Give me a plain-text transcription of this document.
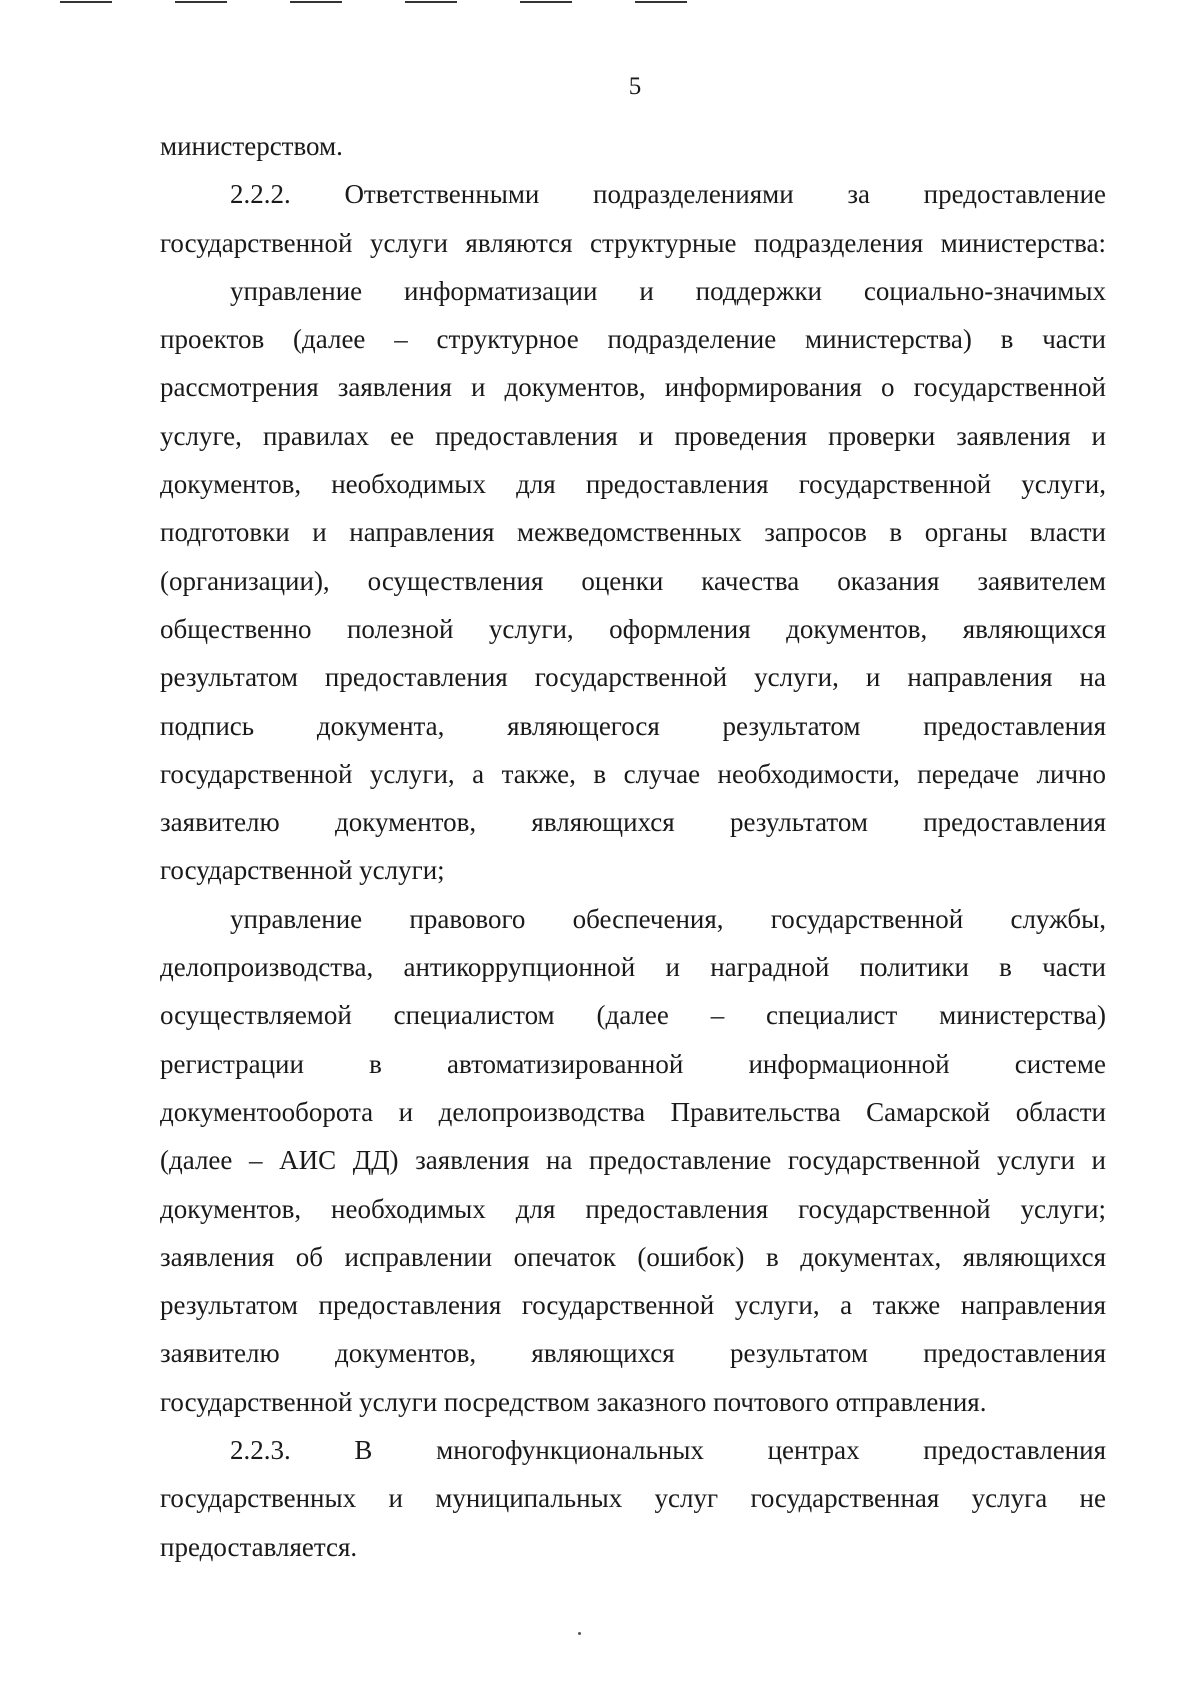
5
министерством.
2.2.2. Ответственными подразделениями за предоставление
государственной услуги являются структурные подразделения министерства:
управление информатизации и поддержки социально-значимых
проектов (далее – структурное подразделение министерства) в части
рассмотрения заявления и документов, информирования о государственной
услуге, правилах ее предоставления и проведения проверки заявления и
документов, необходимых для предоставления государственной услуги,
подготовки и направления межведомственных запросов в органы власти
(организации), осуществления оценки качества оказания заявителем
общественно полезной услуги, оформления документов, являющихся
результатом предоставления государственной услуги, и направления на
подпись документа, являющегося результатом предоставления
государственной услуги, а также, в случае необходимости, передаче лично
заявителю документов, являющихся результатом предоставления
государственной услуги;
управление правового обеспечения, государственной службы,
делопроизводства, антикоррупционной и наградной политики в части
осуществляемой специалистом (далее – специалист министерства)
регистрации в автоматизированной информационной системе
документооборота и делопроизводства Правительства Самарской области
(далее – АИС ДД) заявления на предоставление государственной услуги и
документов, необходимых для предоставления государственной услуги;
заявления об исправлении опечаток (ошибок) в документах, являющихся
результатом предоставления государственной услуги, а также направления
заявителю документов, являющихся результатом предоставления
государственной услуги посредством заказного почтового отправления.
2.2.3. В многофункциональных центрах предоставления
государственных и муниципальных услуг государственная услуга не
предоставляется.
